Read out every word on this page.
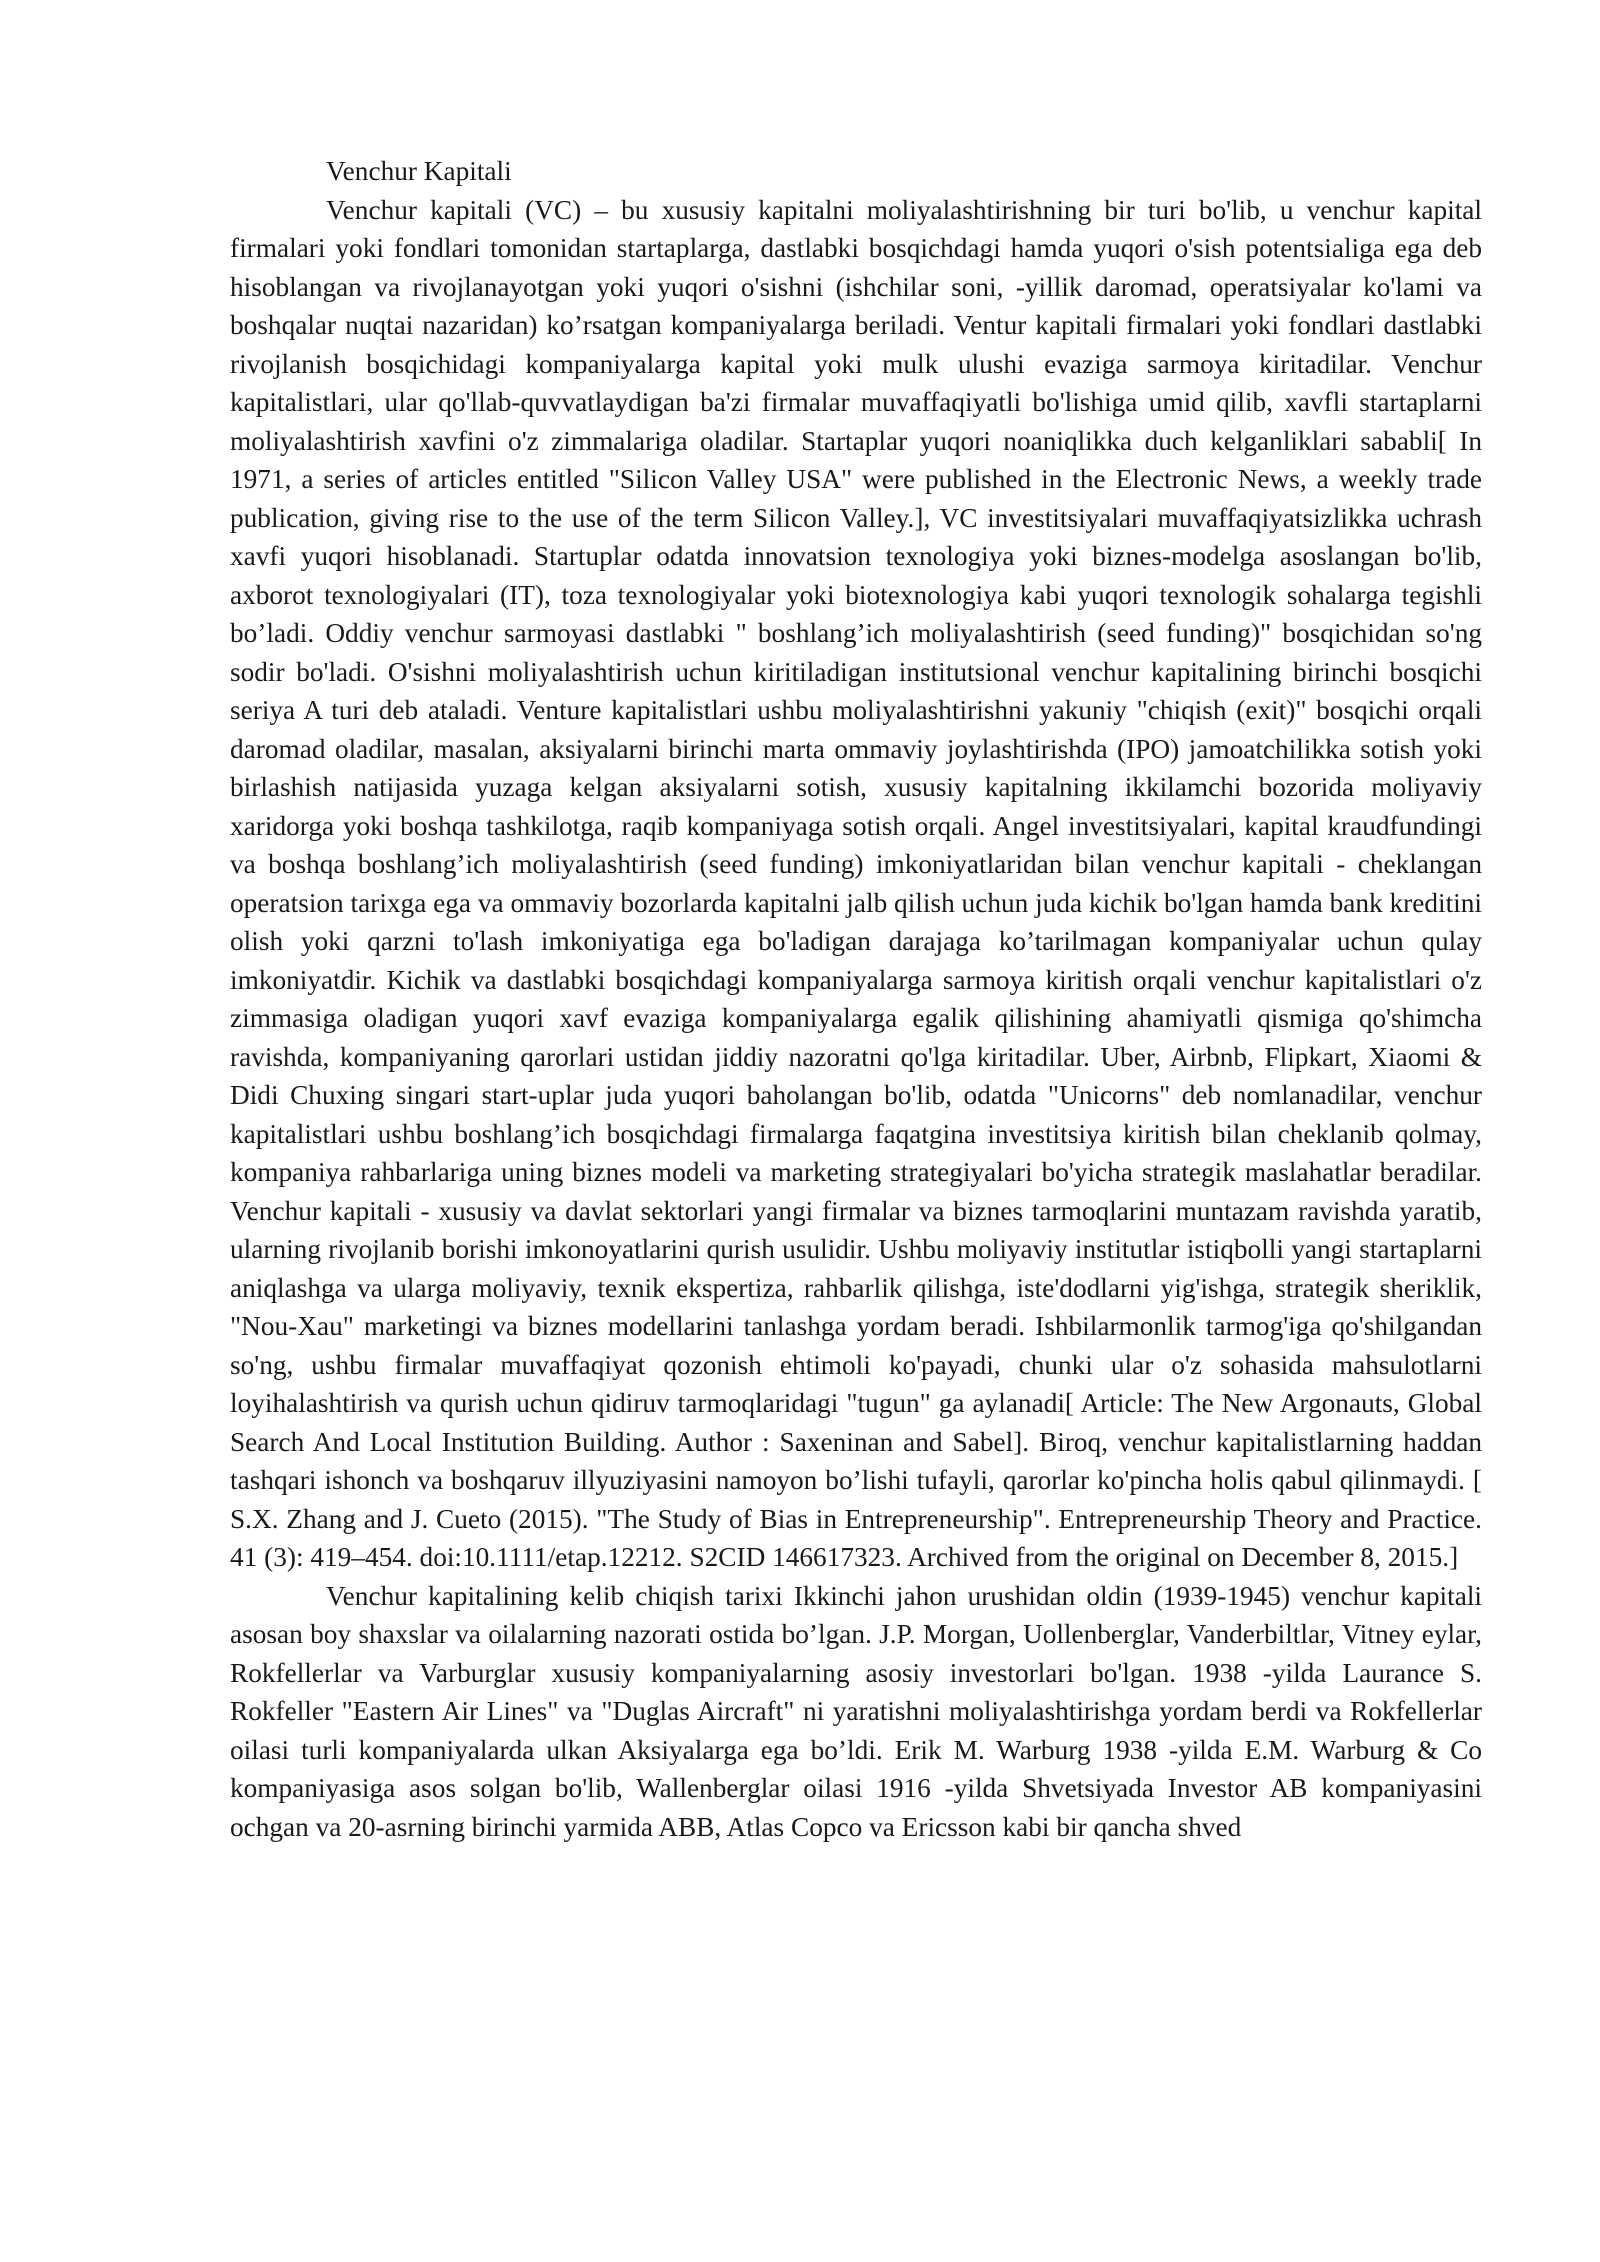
Venchur Kapitali

Venchur kapitali (VC) – bu xususiy kapitalni moliyalashtirishning bir turi bo'lib, u venchur kapital firmalari yoki fondlari tomonidan startaplarga, dastlabki bosqichdagi hamda yuqori o'sish potentsialiga ega deb hisoblangan va rivojlanayotgan yoki yuqori o'sishni (ishchilar soni, -yillik daromad, operatsiyalar ko'lami va boshqalar nuqtai nazaridan) ko’rsatgan kompaniyalarga beriladi. Ventur kapitali firmalari yoki fondlari dastlabki rivojlanish bosqichidagi kompaniyalarga kapital yoki mulk ulushi evaziga sarmoya kiritadilar. Venchur kapitalistlari, ular qo'llab-quvvatlaydigan ba'zi firmalar muvaffaqiyatli bo'lishiga umid qilib, xavfli startaplarni moliyalashtirish xavfini o'z zimmalariga oladilar. Startaplar yuqori noaniqlikka duch kelganliklari sababli[ In 1971, a series of articles entitled "Silicon Valley USA" were published in the Electronic News, a weekly trade publication, giving rise to the use of the term Silicon Valley.], VC investitsiyalari muvaffaqiyatsizlikka uchrash xavfi yuqori hisoblanadi. Startuplar odatda innovatsion texnologiya yoki biznes-modelga asoslangan bo'lib, axborot texnologiyalari (IT), toza texnologiyalar yoki biotexnologiya kabi yuqori texnologik sohalarga tegishli bo’ladi. Oddiy venchur sarmoyasi dastlabki " boshlang’ich moliyalashtirish (seed funding)" bosqichidan so'ng sodir bo'ladi. O'sishni moliyalashtirish uchun kiritiladigan institutsional venchur kapitalining birinchi bosqichi seriya A turi deb ataladi. Venture kapitalistlari ushbu moliyalashtirishni yakuniy "chiqish (exit)" bosqichi orqali daromad oladilar, masalan, aksiyalarni birinchi marta ommaviy joylashtirishda (IPO) jamoatchilikka sotish yoki birlashish natijasida yuzaga kelgan aksiyalarni sotish, xususiy kapitalning ikkilamchi bozorida moliyaviy xaridorga yoki boshqa tashkilotga, raqib kompaniyaga sotish orqali. Angel investitsiyalari, kapital kraudfundingi va boshqa boshlang’ich moliyalashtirish (seed funding) imkoniyatlaridan bilan venchur kapitali - cheklangan operatsion tarixga ega va ommaviy bozorlarda kapitalni jalb qilish uchun juda kichik bo'lgan hamda bank kreditini olish yoki qarzni to'lash imkoniyatiga ega bo'ladigan darajaga ko’tarilmagan kompaniyalar uchun qulay imkoniyatdir. Kichik va dastlabki bosqichdagi kompaniyalarga sarmoya kiritish orqali venchur kapitalistlari o'z zimmasiga oladigan yuqori xavf evaziga kompaniyalarga egalik qilishining ahamiyatli qismiga qo'shimcha ravishda, kompaniyaning qarorlari ustidan jiddiy nazoratni qo'lga kiritadilar. Uber, Airbnb, Flipkart, Xiaomi & Didi Chuxing singari start-uplar juda yuqori baholangan bo'lib, odatda "Unicorns" deb nomlanadilar, venchur kapitalistlari ushbu boshlang’ich bosqichdagi firmalarga faqatgina investitsiya kiritish bilan cheklanib qolmay, kompaniya rahbarlariga uning biznes modeli va marketing strategiyalari bo'yicha strategik maslahatlar beradilar. Venchur kapitali - xususiy va davlat sektorlari yangi firmalar va biznes tarmoqlarini muntazam ravishda yaratib, ularning rivojlanib borishi imkonoyatlarini qurish usulidir. Ushbu moliyaviy institutlar istiqbolli yangi startaplarni aniqlashga va ularga moliyaviy, texnik ekspertiza, rahbarlik qilishga, iste'dodlarni yig'ishga, strategik sheriklik, "Nou-Xau" marketingi va biznes modellarini tanlashga yordam beradi. Ishbilarmonlik tarmog'iga qo'shilgandan so'ng, ushbu firmalar muvaffaqiyat qozonish ehtimoli ko'payadi, chunki ular o'z sohasida mahsulotlarni loyihalashtirish va qurish uchun qidiruv tarmoqlaridagi "tugun" ga aylanadi[ Article: The New Argonauts, Global Search And Local Institution Building. Author : Saxeninan and Sabel]. Biroq, venchur kapitalistlarning haddan tashqari ishonch va boshqaruv illyuziyasini namoyon bo’lishi tufayli, qarorlar ko'pincha holis qabul qilinmaydi. [ S.X. Zhang and J. Cueto (2015). "The Study of Bias in Entrepreneurship". Entrepreneurship Theory and Practice. 41 (3): 419–454. doi:10.1111/etap.12212. S2CID 146617323. Archived from the original on December 8, 2015.]

Venchur kapitalining kelib chiqish tarixi Ikkinchi jahon urushidan oldin (1939-1945) venchur kapitali asosan boy shaxslar va oilalarning nazorati ostida bo’lgan. J.P. Morgan, Uollenberglar, Vanderbiltlar, Vitney eylar, Rokfellerlar va Varburglar xususiy kompaniyalarning asosiy investorlari bo'lgan. 1938 -yilda Laurance S. Rokfeller "Eastern Air Lines" va "Duglas Aircraft" ni yaratishni moliyalashtirishga yordam berdi va Rokfellerlar oilasi turli kompaniyalarda ulkan Aksiyalarga ega bo’ldi. Erik M. Warburg 1938 -yilda E.M. Warburg & Co kompaniyasiga asos solgan bo'lib, Wallenberglar oilasi 1916 -yilda Shvetsiyada Investor AB kompaniyasini ochgan va 20-asrning birinchi yarmida ABB, Atlas Copco va Ericsson kabi bir qancha shved
